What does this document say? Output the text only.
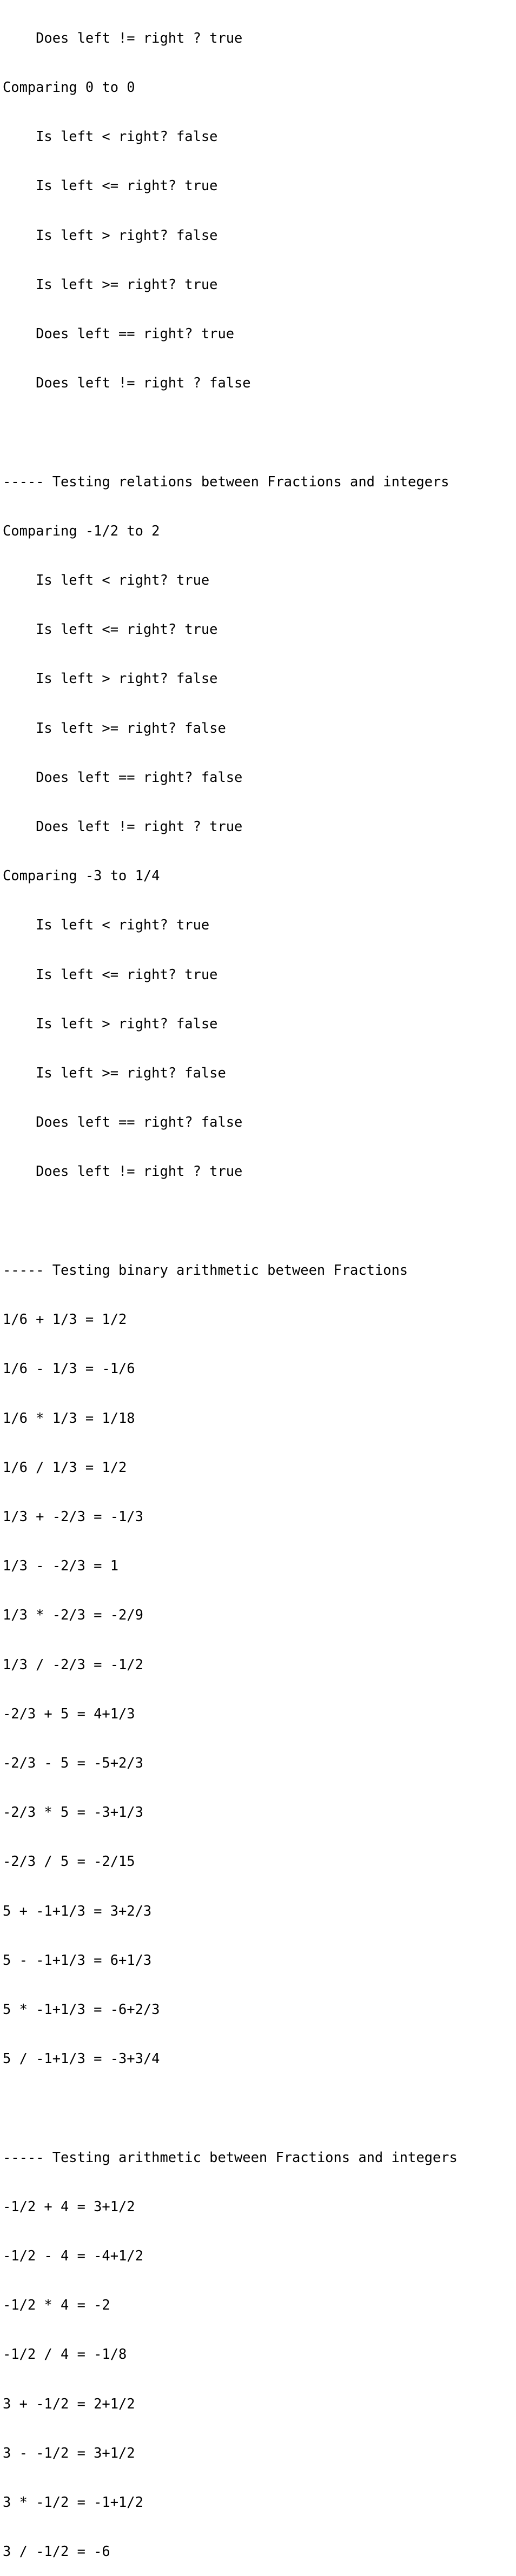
Does left != right ? true

Comparing 0 to 0

Is left < right? false

Is left <= right? true

Is left > right? false

Is left >= right? true

Does left == right? true

Does left != right ? false

----- Testing relations between Fractions and integers

Comparing -1/2 to 2

Is left < right? true

Is left <= right? true

Is left > right? false

Is left >= right? false

Does left == right? false

Does left != right ? true

Comparing -3 to 1/4

Is left < right? true

Is left <= right? true

Is left > right? false

Is left >= right? false

Does left == right? false

Does left != right ? true

----- Testing binary arithmetic between Fractions

1/6 + 1/3 = 1/2

1/6 - 1/3 = -1/6

1/6 * 1/3 = 1/18

1/6 / 1/3 = 1/2

1/3 + -2/3 = -1/3

1/3 - -2/3 = 1

1/3 * -2/3 = -2/9

1/3 / -2/3 = -1/2

-2/3 + 5 = 4+1/3

-2/3 - 5 = -5+2/3

-2/3 * 5 = -3+1/3

-2/3 / 5 = -2/15

5 + -1+1/3 = 3+2/3

5 - -1+1/3 = 6+1/3

5 * -1+1/3 = -6+2/3

5 / -1+1/3 = -3+3/4

----- Testing arithmetic between Fractions and integers

-1/2 + 4 = 3+1/2

-1/2 - 4 = -4+1/2

-1/2 * 4 = -2

-1/2 / 4 = -1/8

3 + -1/2 = 2+1/2

3 - -1/2 = 3+1/2

3 * -1/2 = -1+1/2

3 / -1/2 = -6
